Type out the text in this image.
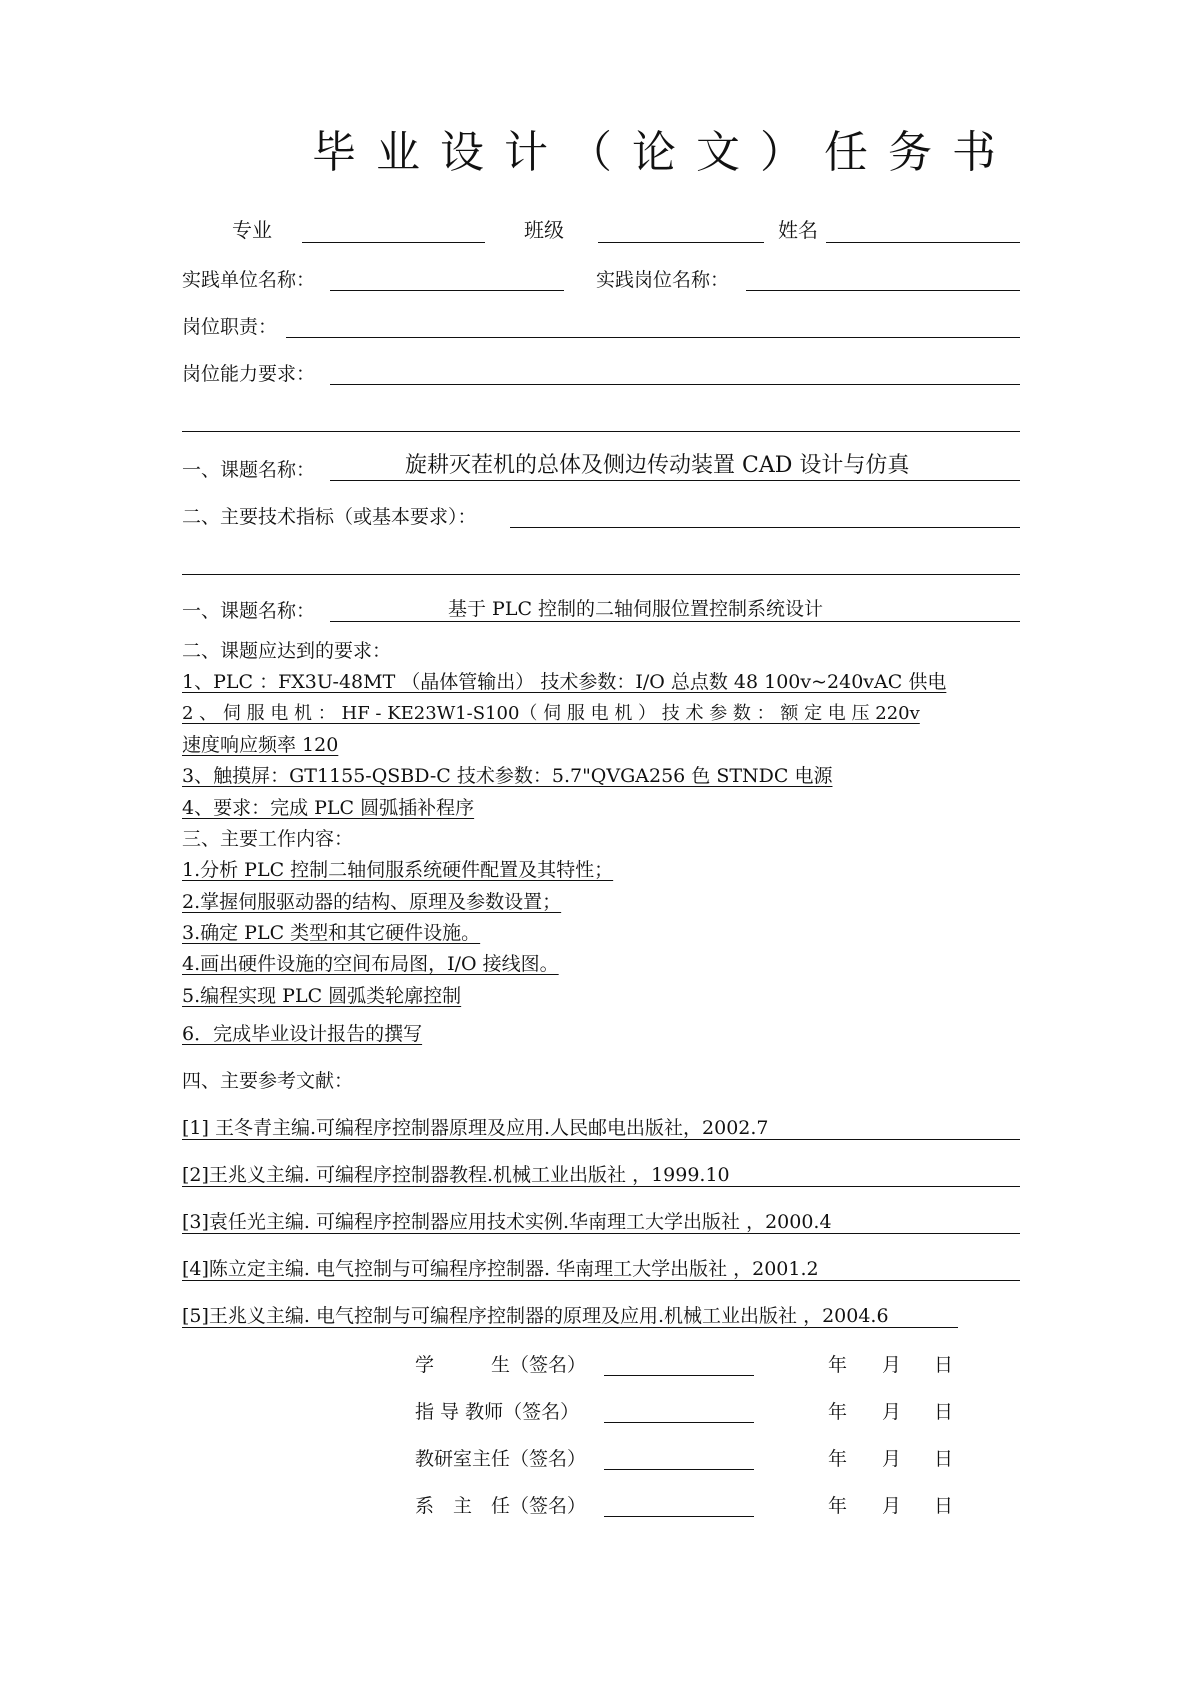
毕业设计（论文）任务书
专业	班级	姓名
实践单位名称：	实践岗位名称：
岗位职责：
岗位能力要求：
一、课题名称：	旋耕灭茬机的总体及侧边传动装置 CAD 设计与仿真
二、主要技术指标（或基本要求）：
一、课题名称：	基于 PLC 控制的二轴伺服位置控制系统设计
二、课题应达到的要求：
1、PLC ：FX3U-48MT （晶体管输出） 技术参数：I/O 总点数 48 100v~240vAC 供电
2 、 伺 服 电 机 ： HF - KE23W1-S100（ 伺 服 电 机 ） 技 术 参 数 ： 额 定 电 压 220v
速度响应频率 120
3、触摸屏：GT1155-QSBD-C 技术参数：5.7"QVGA256 色 STNDC 电源
4、要求：完成 PLC 圆弧插补程序
三、主要工作内容：
1.分析 PLC 控制二轴伺服系统硬件配置及其特性；
2.掌握伺服驱动器的结构、原理及参数设置；
3.确定 PLC 类型和其它硬件设施。
4.画出硬件设施的空间布局图，I/O 接线图。
5.编程实现 PLC 圆弧类轮廓控制
6．完成毕业设计报告的撰写
四、主要参考文献：
[1] 王冬青主编.可编程序控制器原理及应用.人民邮电出版社，2002.7
[2]王兆义主编. 可编程序控制器教程.机械工业出版社 ，1999.10
[3]袁任光主编. 可编程序控制器应用技术实例.华南理工大学出版社 ，2000.4
[4]陈立定主编. 电气控制与可编程序控制器. 华南理工大学出版社 ，2001.2
[5]王兆义主编. 电气控制与可编程序控制器的原理及应用.机械工业出版社 ，2004.6
学　　　生（签名）	年 月 日
指 导 教师（签名）	年 月 日
教研室主任（签名）	年 月 日
系　主　任（签名）	年 月 日
